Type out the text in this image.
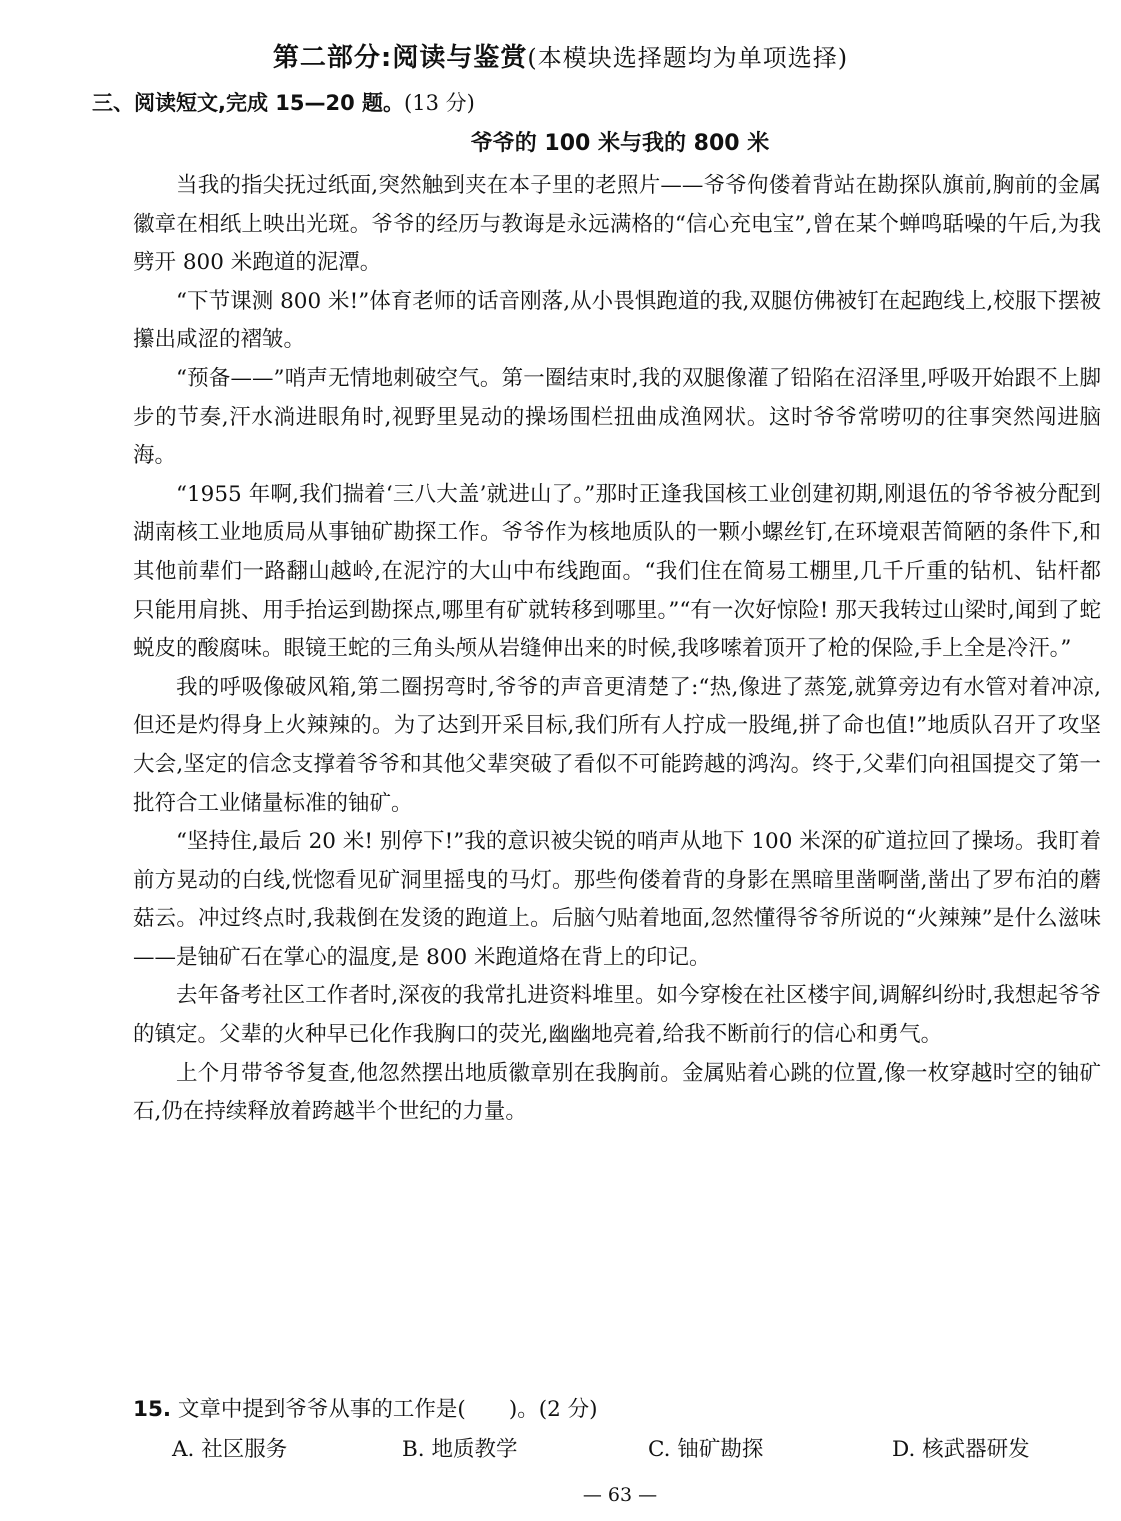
第二部分:阅读与鉴赏(本模块选择题均为单项选择)
三、阅读短文,完成 15—20 题。(13 分)
爷爷的 100 米与我的 800 米

当我的指尖抚过纸面,突然触到夹在本子里的老照片——爷爷佝偻着背站在勘探队旗前,胸前的金属徽章在相纸上映出光斑。爷爷的经历与教诲是永远满格的“信心充电宝”,曾在某个蝉鸣聒噪的午后,为我劈开 800 米跑道的泥潭。

“下节课测 800 米!”体育老师的话音刚落,从小畏惧跑道的我,双腿仿佛被钉在起跑线上,校服下摆被攥出咸涩的褶皱。

“预备——”哨声无情地刺破空气。第一圈结束时,我的双腿像灌了铅陷在沼泽里,呼吸开始跟不上脚步的节奏,汗水淌进眼角时,视野里晃动的操场围栏扭曲成渔网状。这时爷爷常唠叨的往事突然闯进脑海。

“1955 年啊,我们揣着‘三八大盖’就进山了。”那时正逢我国核工业创建初期,刚退伍的爷爷被分配到湖南核工业地质局从事铀矿勘探工作。爷爷作为核地质队的一颗小螺丝钉,在环境艰苦简陋的条件下,和其他前辈们一路翻山越岭,在泥泞的大山中布线跑面。“我们住在简易工棚里,几千斤重的钻机、钻杆都只能用肩挑、用手抬运到勘探点,哪里有矿就转移到哪里。”“有一次好惊险! 那天我转过山梁时,闻到了蛇蜕皮的酸腐味。眼镜王蛇的三角头颅从岩缝伸出来的时候,我哆嗦着顶开了枪的保险,手上全是冷汗。”

我的呼吸像破风箱,第二圈拐弯时,爷爷的声音更清楚了:“热,像进了蒸笼,就算旁边有水管对着冲凉,但还是灼得身上火辣辣的。为了达到开采目标,我们所有人拧成一股绳,拼了命也值!”地质队召开了攻坚大会,坚定的信念支撑着爷爷和其他父辈突破了看似不可能跨越的鸿沟。终于,父辈们向祖国提交了第一批符合工业储量标准的铀矿。

“坚持住,最后 20 米! 别停下!”我的意识被尖锐的哨声从地下 100 米深的矿道拉回了操场。我盯着前方晃动的白线,恍惚看见矿洞里摇曳的马灯。那些佝偻着背的身影在黑暗里凿啊凿,凿出了罗布泊的蘑菇云。冲过终点时,我栽倒在发烫的跑道上。后脑勺贴着地面,忽然懂得爷爷所说的“火辣辣”是什么滋味——是铀矿石在掌心的温度,是 800 米跑道烙在背上的印记。

去年备考社区工作者时,深夜的我常扎进资料堆里。如今穿梭在社区楼宇间,调解纠纷时,我想起爷爷的镇定。父辈的火种早已化作我胸口的荧光,幽幽地亮着,给我不断前行的信心和勇气。

上个月带爷爷复查,他忽然摆出地质徽章别在我胸前。金属贴着心跳的位置,像一枚穿越时空的铀矿石,仍在持续释放着跨越半个世纪的力量。

15. 文章中提到爷爷从事的工作是(　　)。(2 分)
A. 社区服务	B. 地质教学	C. 铀矿勘探	D. 核武器研发
— 63 —
